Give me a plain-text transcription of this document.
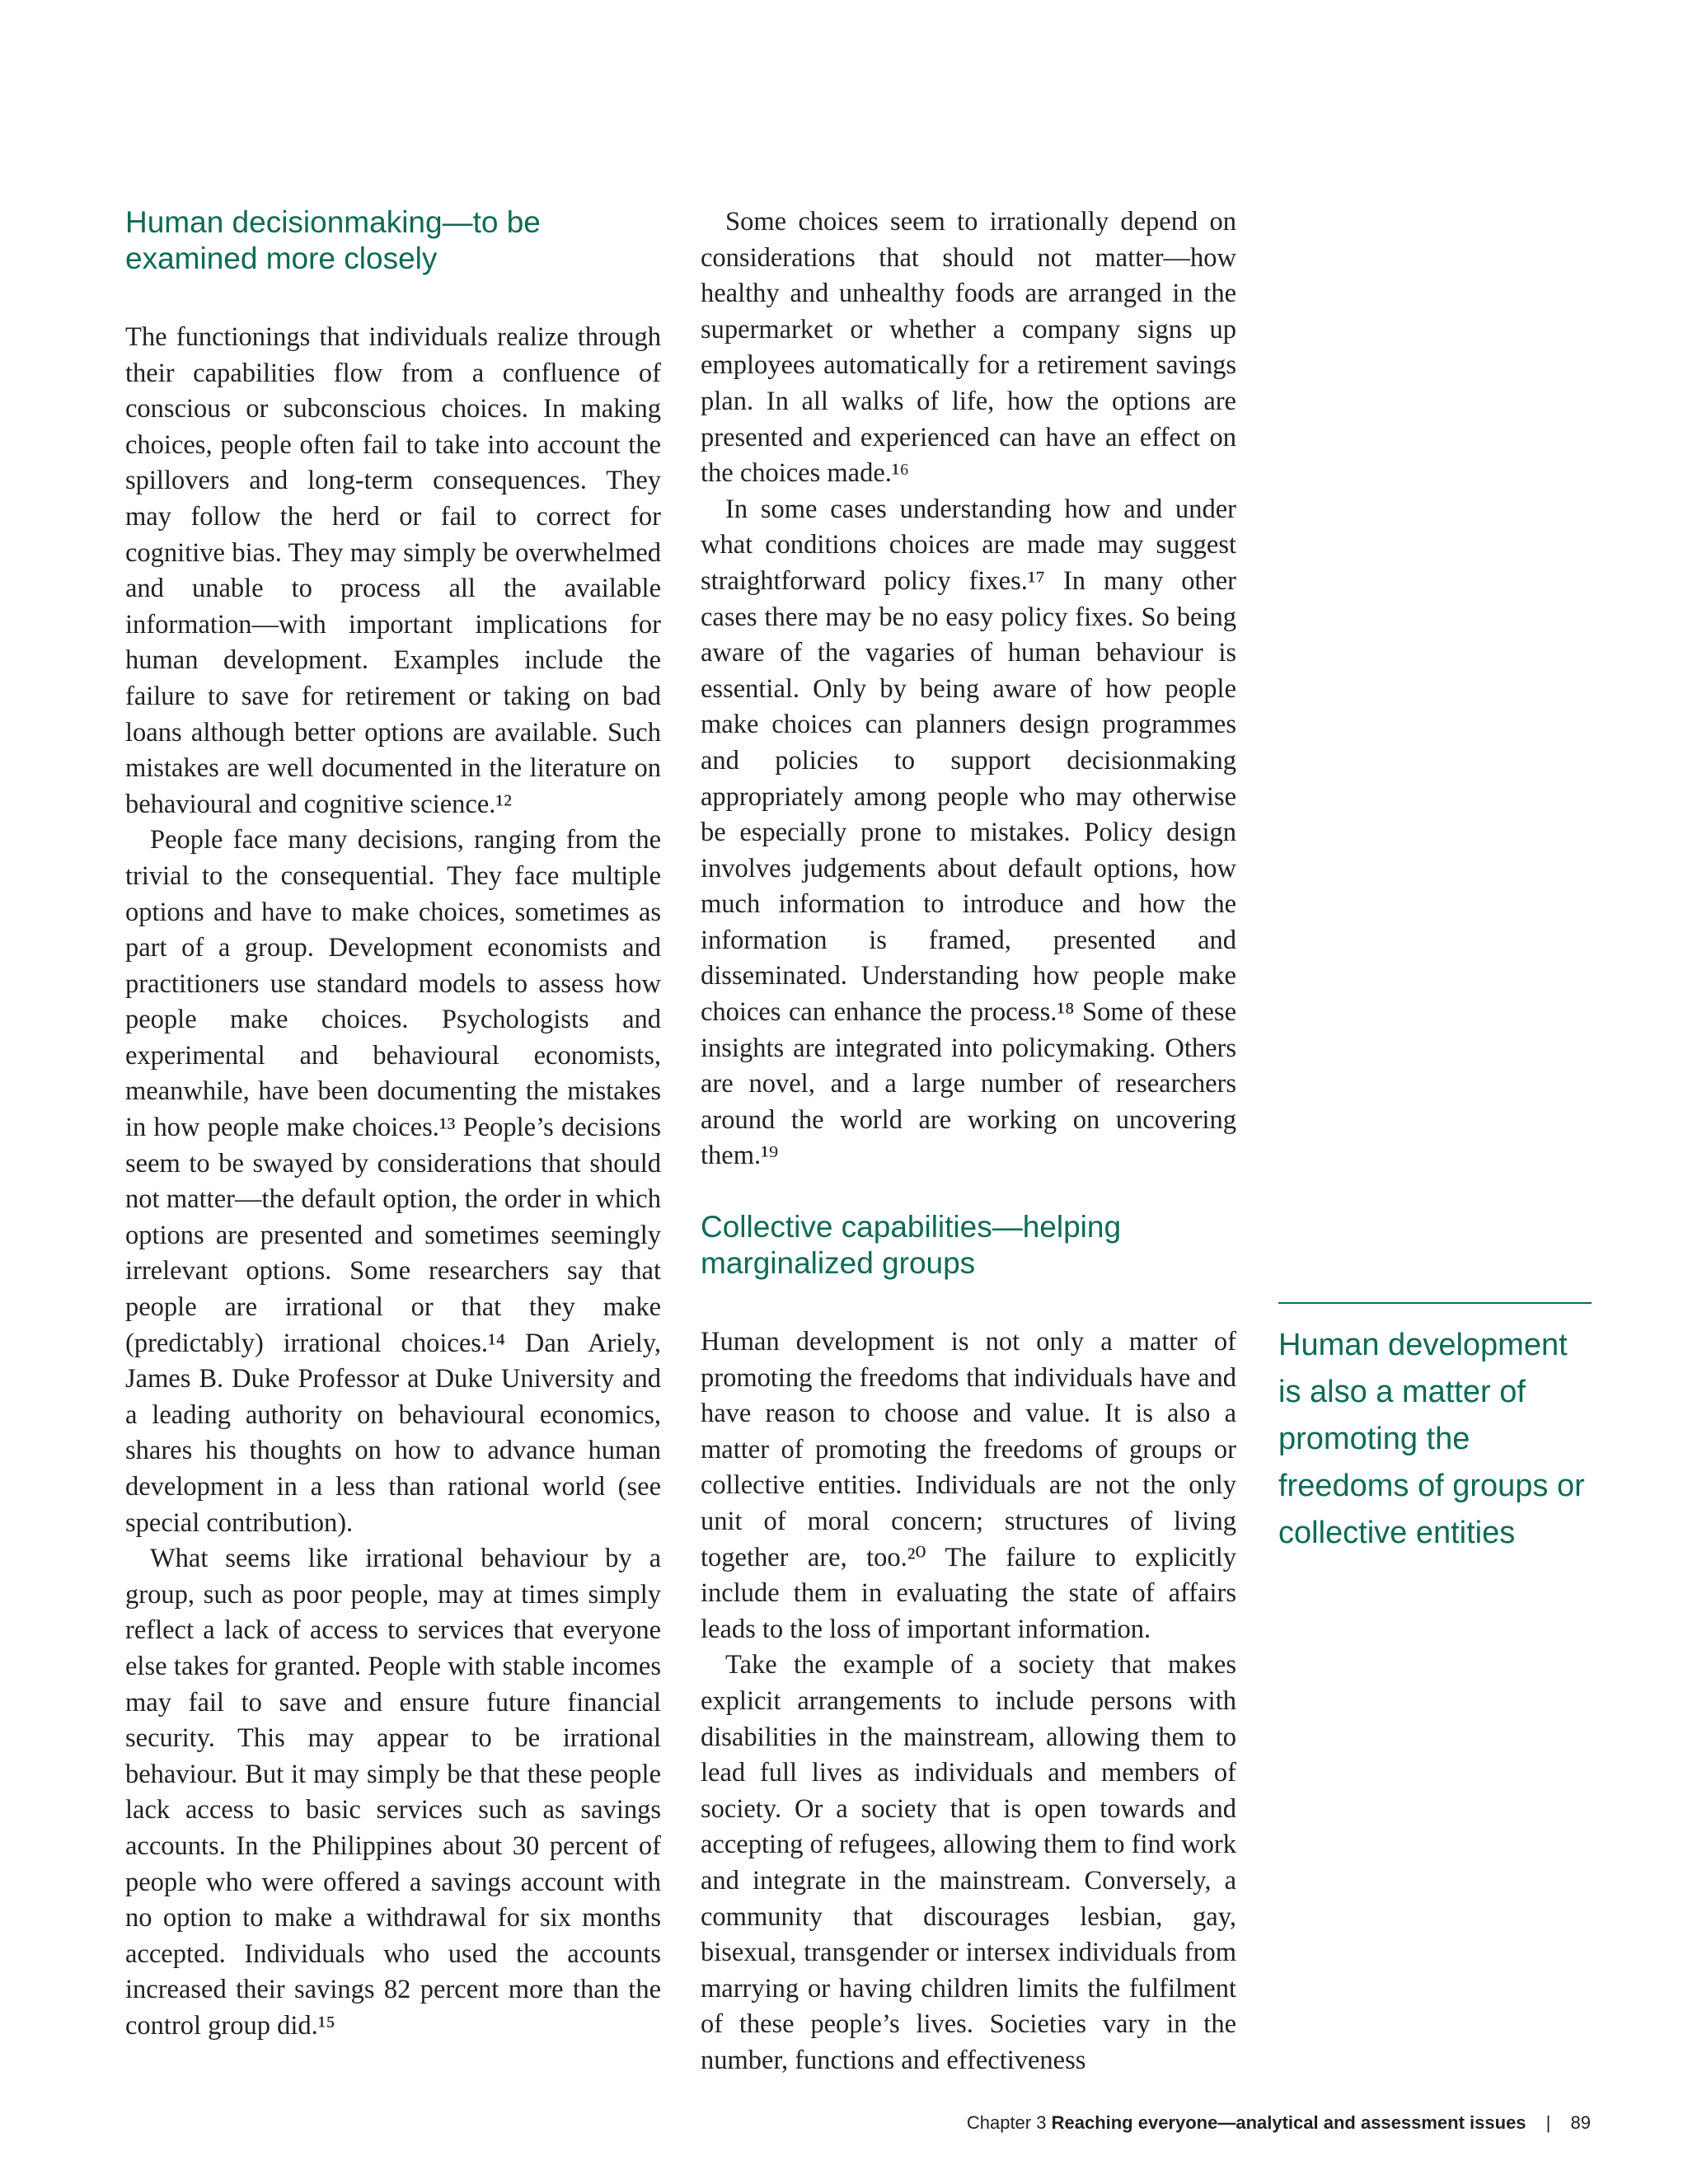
Human decisionmaking—to be examined more closely

The functionings that individuals realize through their capabilities flow from a confluence of conscious or subconscious choices. In making choices, people often fail to take into account the spillovers and long-term consequences. They may follow the herd or fail to correct for cognitive bias. They may simply be overwhelmed and unable to process all the available information—with important implications for human development. Examples include the failure to save for retirement or taking on bad loans although better options are available. Such mistakes are well documented in the literature on behavioural and cognitive science.¹²

People face many decisions, ranging from the trivial to the consequential. They face multiple options and have to make choices, sometimes as part of a group. Development economists and practitioners use standard models to assess how people make choices. Psychologists and experimental and behavioural economists, meanwhile, have been documenting the mistakes in how people make choices.¹³ People’s decisions seem to be swayed by considerations that should not matter—the default option, the order in which options are presented and sometimes seemingly irrelevant options. Some researchers say that people are irrational or that they make (predictably) irrational choices.¹⁴ Dan Ariely, James B. Duke Professor at Duke University and a leading authority on behavioural economics, shares his thoughts on how to advance human development in a less than rational world (see special contribution).

What seems like irrational behaviour by a group, such as poor people, may at times simply reflect a lack of access to services that everyone else takes for granted. People with stable incomes may fail to save and ensure future financial security. This may appear to be irrational behaviour. But it may simply be that these people lack access to basic services such as savings accounts. In the Philippines about 30 percent of people who were offered a savings account with no option to make a withdrawal for six months accepted. Individuals who used the accounts increased their savings 82 percent more than the control group did.¹⁵

Some choices seem to irrationally depend on considerations that should not matter—how healthy and unhealthy foods are arranged in the supermarket or whether a company signs up employees automatically for a retirement savings plan. In all walks of life, how the options are presented and experienced can have an effect on the choices made.¹⁶

In some cases understanding how and under what conditions choices are made may suggest straightforward policy fixes.¹⁷ In many other cases there may be no easy policy fixes. So being aware of the vagaries of human behaviour is essential. Only by being aware of how people make choices can planners design programmes and policies to support decisionmaking appropriately among people who may otherwise be especially prone to mistakes. Policy design involves judgements about default options, how much information to introduce and how the information is framed, presented and disseminated. Understanding how people make choices can enhance the process.¹⁸ Some of these insights are integrated into policymaking. Others are novel, and a large number of researchers around the world are working on uncovering them.¹⁹

Collective capabilities—helping marginalized groups

Human development is not only a matter of promoting the freedoms that individuals have and have reason to choose and value. It is also a matter of promoting the freedoms of groups or collective entities. Individuals are not the only unit of moral concern; structures of living together are, too.²⁰ The failure to explicitly include them in evaluating the state of affairs leads to the loss of important information.

Take the example of a society that makes explicit arrangements to include persons with disabilities in the mainstream, allowing them to lead full lives as individuals and members of society. Or a society that is open towards and accepting of refugees, allowing them to find work and integrate in the mainstream. Conversely, a community that discourages lesbian, gay, bisexual, transgender or intersex individuals from marrying or having children limits the fulfilment of these people’s lives. Societies vary in the number, functions and effectiveness

Human development is also a matter of promoting the freedoms of groups or collective entities
Chapter 3 Reaching everyone—analytical and assessment issues | 89
